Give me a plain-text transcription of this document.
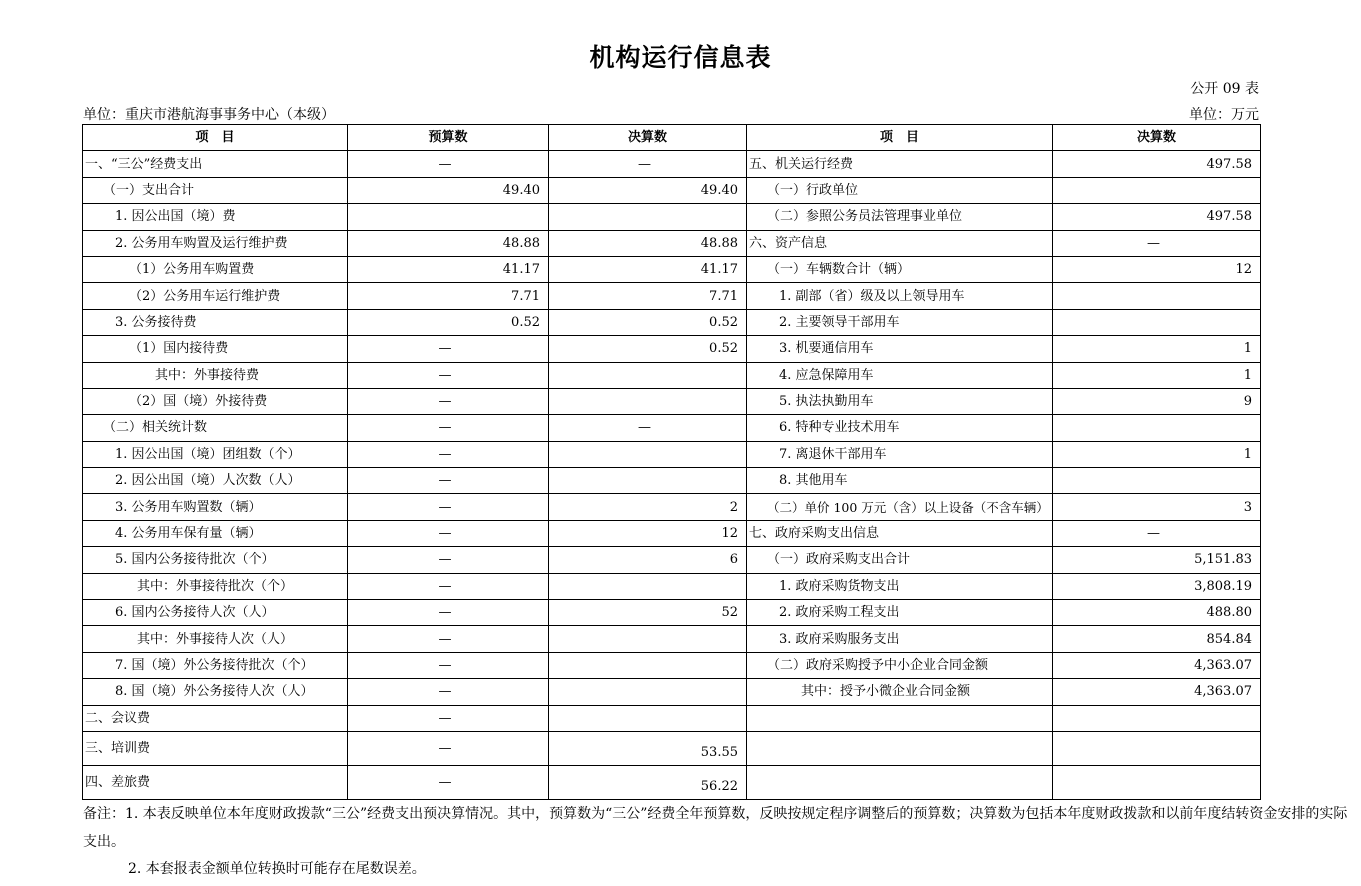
机构运行信息表
公开 09 表
单位：重庆市港航海事事务中心（本级）	单位：万元
项　目	预算数	决算数	项　目	决算数
一、“三公”经费支出	—	—	五、机关运行经费	497.58
（一）支出合计	49.40	49.40	（一）行政单位	
1. 因公出国（境）费			（二）参照公务员法管理事业单位	497.58
2. 公务用车购置及运行维护费	48.88	48.88	六、资产信息	—
（1）公务用车购置费	41.17	41.17	（一）车辆数合计（辆）	12
（2）公务用车运行维护费	7.71	7.71	1. 副部（省）级及以上领导用车	
3. 公务接待费	0.52	0.52	2. 主要领导干部用车	
（1）国内接待费	—	0.52	3. 机要通信用车	1
其中：外事接待费	—		4. 应急保障用车	1
（2）国（境）外接待费	—		5. 执法执勤用车	9
（二）相关统计数	—	—	6. 特种专业技术用车	
1. 因公出国（境）团组数（个）	—		7. 离退休干部用车	1
2. 因公出国（境）人次数（人）	—		8. 其他用车	
3. 公务用车购置数（辆）	—	2	（二）单价 100 万元（含）以上设备（不含车辆）	3
4. 公务用车保有量（辆）	—	12	七、政府采购支出信息	—
5. 国内公务接待批次（个）	—	6	（一）政府采购支出合计	5,151.83
其中：外事接待批次（个）	—		1. 政府采购货物支出	3,808.19
6. 国内公务接待人次（人）	—	52	2. 政府采购工程支出	488.80
其中：外事接待人次（人）	—		3. 政府采购服务支出	854.84
7. 国（境）外公务接待批次（个）	—		（二）政府采购授予中小企业合同金额	4,363.07
8. 国（境）外公务接待人次（人）	—		其中：授予小微企业合同金额	4,363.07
二、会议费	—			
三、培训费	—	53.55		
四、差旅费	—	56.22		
备注：1. 本表反映单位本年度财政拨款“三公”经费支出预决算情况。其中，预算数为“三公”经费全年预算数，反映按规定程序调整后的预算数；决算数为包括本年度财政拨款和以前年度结转资金安排的实际支出。
2. 本套报表金额单位转换时可能存在尾数误差。
